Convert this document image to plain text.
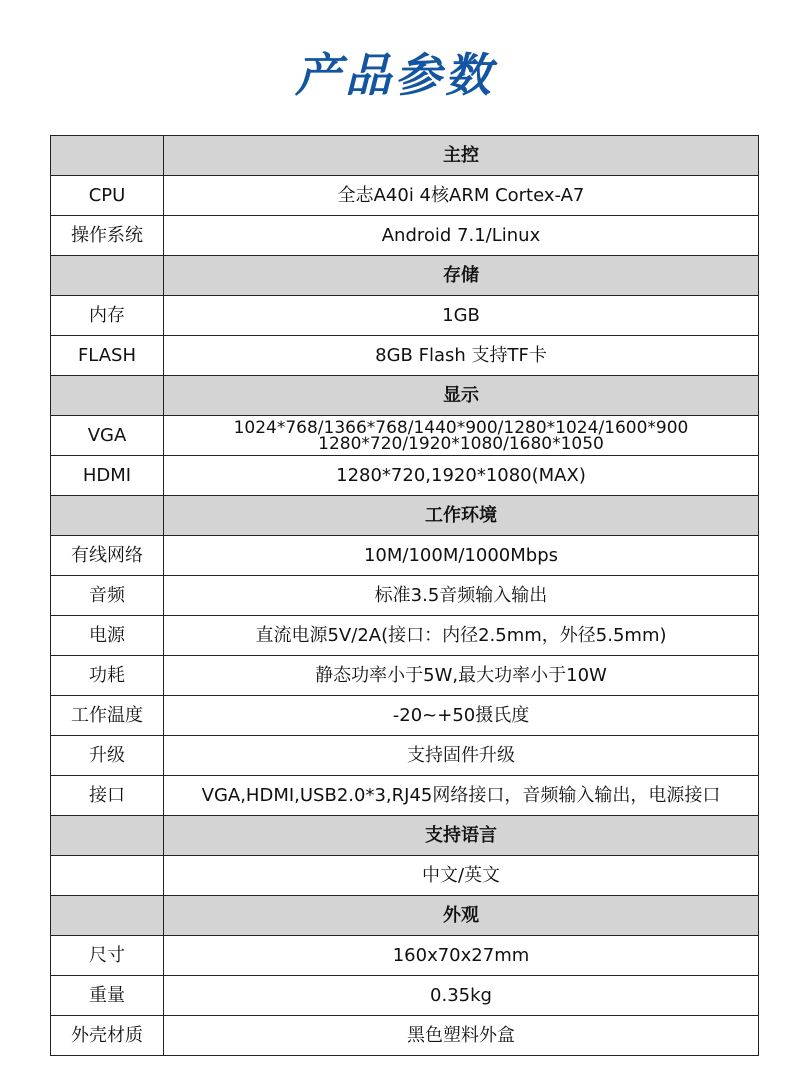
产品参数
	主控
CPU	全志A40i 4核ARM Cortex-A7
操作系统	Android 7.1/Linux
	存储
内存	1GB
FLASH	8GB Flash 支持TF卡
	显示
VGA	1024*768/1366*768/1440*900/1280*1024/1600*900
1280*720/1920*1080/1680*1050

HDMI	1280*720,1920*1080(MAX)
	工作环境
有线网络	10M/100M/1000Mbps
音频	标准3.5音频输入输出
电源	直流电源5V/2A(接口：内径2.5mm，外径5.5mm)
功耗	静态功率小于5W,最大功率小于10W
工作温度	-20~+50摄氏度
升级	支持固件升级
接口	VGA,HDMI,USB2.0*3,RJ45网络接口，音频输入输出，电源接口
	支持语言
	中文/英文
	外观
尺寸	160x70x27mm
重量	0.35kg
外壳材质	黑色塑料外盒
